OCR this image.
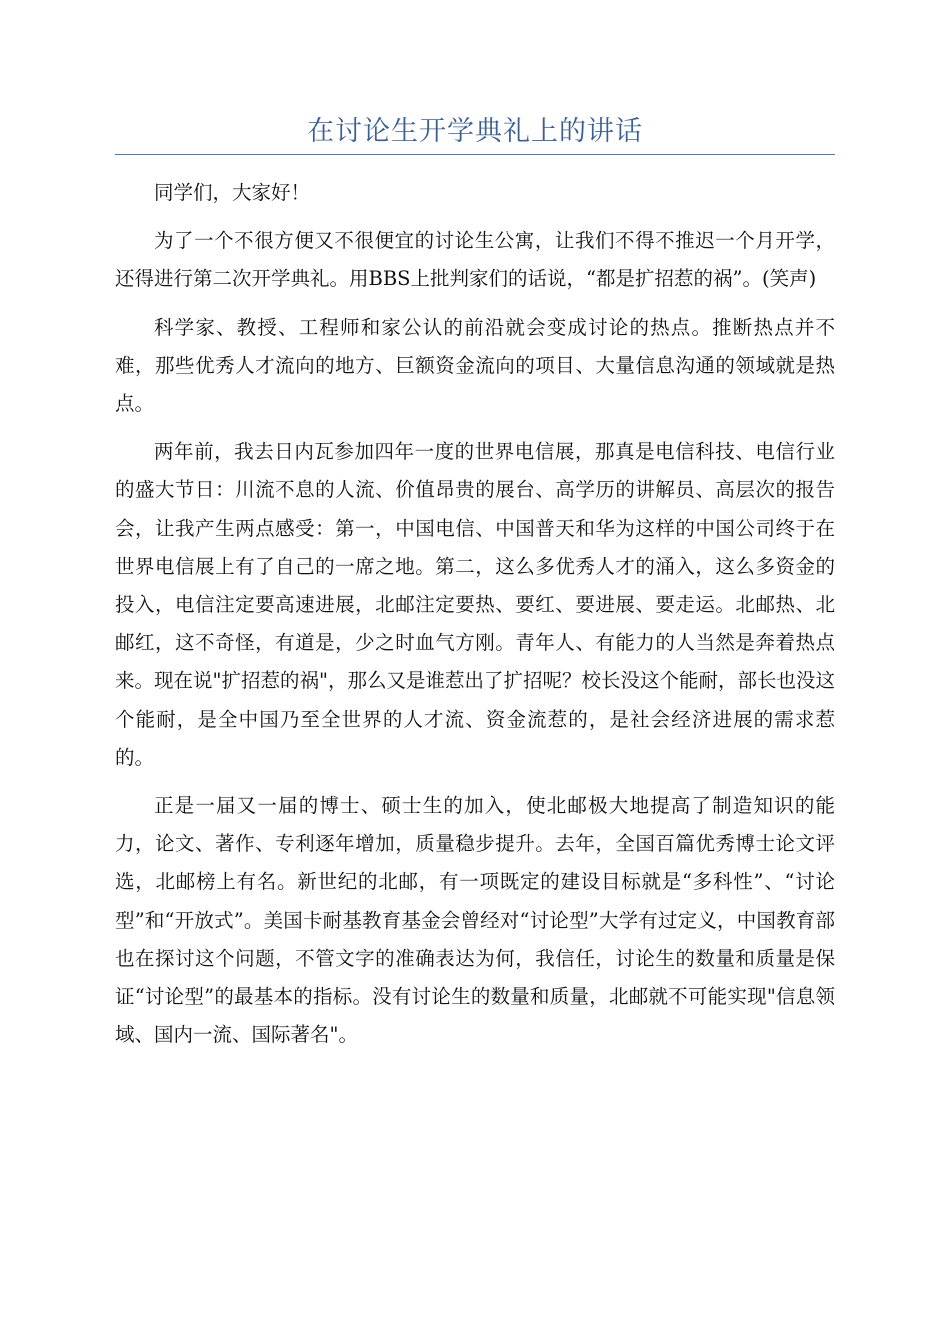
在讨论生开学典礼上的讲话

同学们，大家好！

为了一个不很方便又不很便宜的讨论生公寓，让我们不得不推迟一个月开学，还得进行第二次开学典礼。用BBS上批判家们的话说，“都是扩招惹的祸”。(笑声)

科学家、教授、工程师和家公认的前沿就会变成讨论的热点。推断热点并不难，那些优秀人才流向的地方、巨额资金流向的项目、大量信息沟通的领域就是热点。

两年前，我去日内瓦参加四年一度的世界电信展，那真是电信科技、电信行业的盛大节日：川流不息的人流、价值昂贵的展台、高学历的讲解员、高层次的报告会，让我产生两点感受：第一，中国电信、中国普天和华为这样的中国公司终于在世界电信展上有了自己的一席之地。第二，这么多优秀人才的涌入，这么多资金的投入，电信注定要高速进展，北邮注定要热、要红、要进展、要走运。北邮热、北邮红，这不奇怪，有道是，少之时血气方刚。青年人、有能力的人当然是奔着热点来。现在说"扩招惹的祸"，那么又是谁惹出了扩招呢？校长没这个能耐，部长也没这个能耐，是全中国乃至全世界的人才流、资金流惹的，是社会经济进展的需求惹的。

正是一届又一届的博士、硕士生的加入，使北邮极大地提高了制造知识的能力，论文、著作、专利逐年增加，质量稳步提升。去年，全国百篇优秀博士论文评选，北邮榜上有名。新世纪的北邮，有一项既定的建设目标就是“多科性”、“讨论型”和“开放式”。美国卡耐基教育基金会曾经对“讨论型”大学有过定义，中国教育部也在探讨这个问题，不管文字的准确表达为何，我信任，讨论生的数量和质量是保证“讨论型”的最基本的指标。没有讨论生的数量和质量，北邮就不可能实现"信息领域、国内一流、国际著名"。
